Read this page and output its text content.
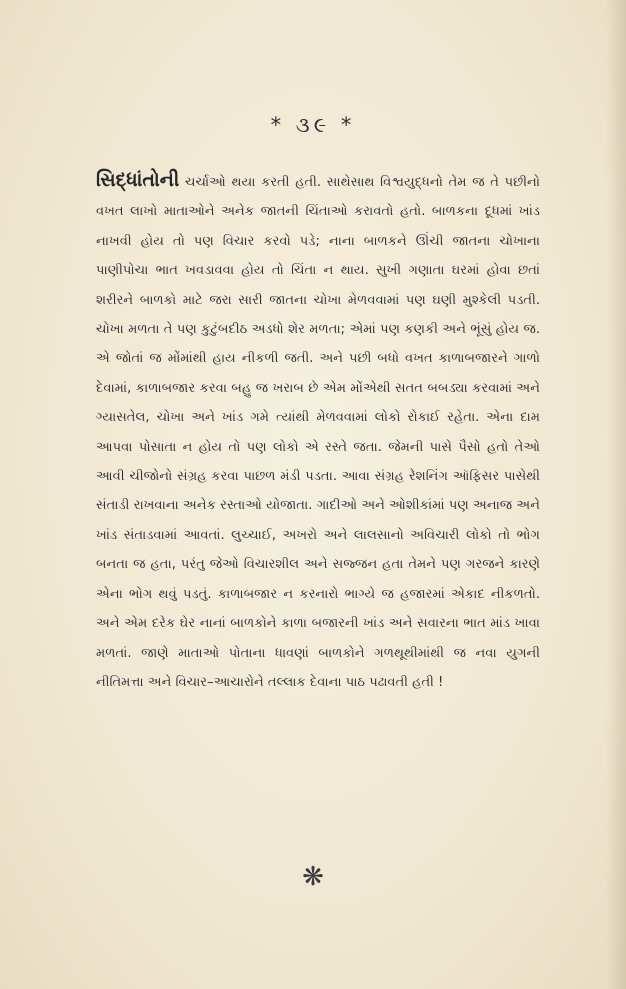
* ૩૯ *
સિદ્ધાંતોની ચર્ચાઓ થયા કરતી હતી. સાથેસાથ વિશ્વયુદ્ધનો તેમ જ તે પછીનો વખત લાખો માતાઓને અનેક જાતની ચિંતાઓ કરાવતો હતો. બાળકના દૂધમાં ખાંડ નાખવી હોય તો પણ વિચાર કરવો પડે; નાના બાળકને ઊંચી જાતના ચોખાના પાણીપોચા ભાત ખવડાવવા હોય તો ચિંતા ન થાય. સુખી ગણાતા ઘરમાં હોવા છતાં શરીરને બાળકો માટે જરા સારી જાતના ચોખા મેળવવામાં પણ ઘણી મુશ્કેલી પડતી. ચોખા મળતા તે પણ કુટુંબદીઠ અડધો શેર મળતા; એમાં પણ કણકી અને ભૂંસું હોય જ. એ જોતાં જ મોંમાંથી હાય નીકળી જતી. અને પછી બધો વખત કાળાબજારને ગાળો દેવામાં, કાળાબજાર કરવા બહુ જ ખરાબ છે એમ મોંએથી સતત બબડ્યા કરવામાં અને ગ્યાસતેલ, ચોખા અને ખાંડ ગમે ત્યાંથી મેળવવામાં લોકો રોકાઈ રહેતા. એના દામ આપવા પોસાતા ન હોય તો પણ લોકો એ રસ્તે જતા. જેમની પાસે પૈસો હતો તેઓ આવી ચીજોનો સંગ્રહ કરવા પાછળ મંડી પડતા. આવા સંગ્રહ રેશનિંગ ઑફિસર પાસેથી સંતાડી રાખવાના અનેક રસ્તાઓ યોજાતા. ગાદીઓ અને ઓશીકાંમાં પણ અનાજ અને ખાંડ સંતાડવામાં આવતાં. લુચ્ચાઈ, અખરો અને લાલસાનો અવિચારી લોકો તો ભોગ બનતા જ હતા, પરંતુ જેઓ વિચારશીલ અને સજ્જન હતા તેમને પણ ગરજને કારણે એના ભોગ થવું પડતું. કાળાબજાર ન કરનારો ભાગ્યે જ હજારમાં એકાદ નીકળતો. અને એમ દરેક ઘેર નાનાં બાળકોને કાળા બજારની ખાંડ અને સવારના ભાત માંડ ખાવા મળતાં. જાણે માતાઓ પોતાના ધાવણાં બાળકોને ગળથૂથીમાંથી જ નવા યુગની નીતિમત્તા અને વિચાર–આચારોને તલ્લાક દેવાના પાઠ પઢાવતી હતી !
❋
